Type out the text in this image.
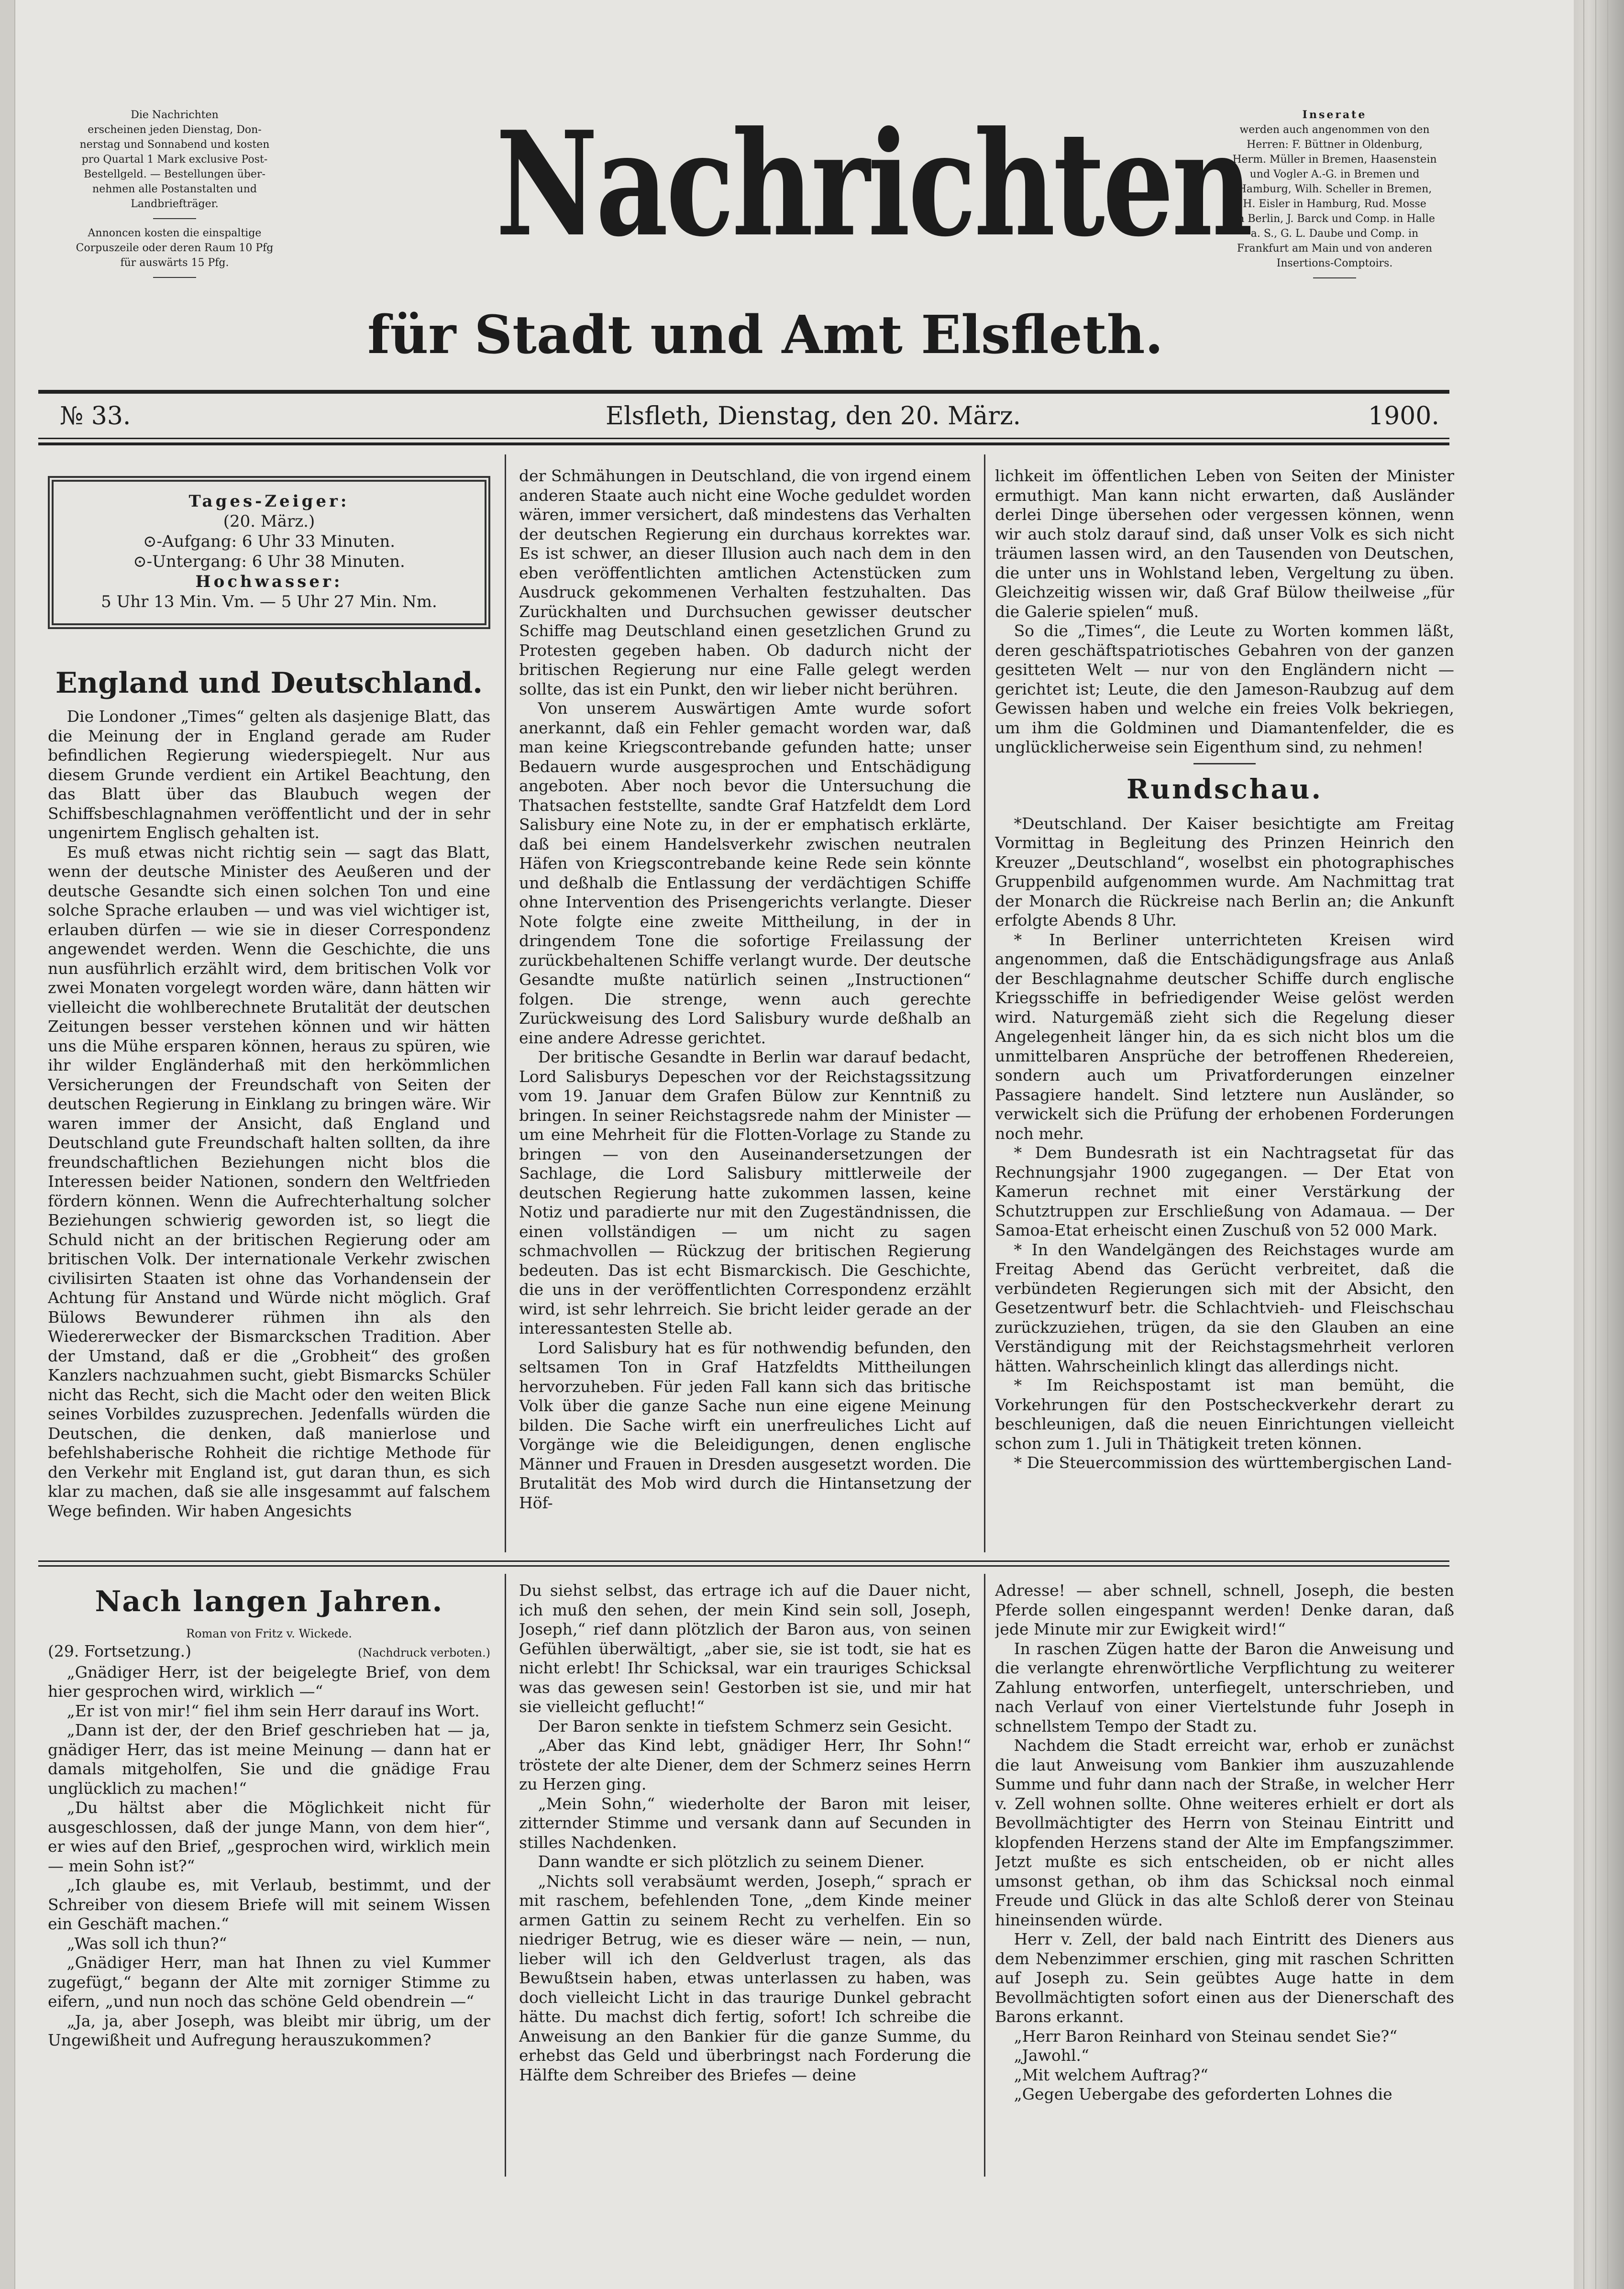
Die Nachrichten
erscheinen jeden Dienstag, Don-
nerstag und Sonnabend und kosten
pro Quartal 1 Mark exclusive Post-
Bestellgeld. — Bestellungen über-
nehmen alle Postanstalten und
Landbriefträger.
Annoncen kosten die einspaltige
Corpuszeile oder deren Raum 10 Pfg
für auswärts 15 Pfg.	Nachrichten
für Stadt und Amt Elsfleth.
Inserate
werden auch angenommen von den
Herren: F. Büttner in Oldenburg,
Herm. Müller in Bremen, Haasenstein
und Vogler A.-G. in Bremen und
Hamburg, Wilh. Scheller in Bremen,
H. Eisler in Hamburg, Rud. Mosse
in Berlin, J. Barck und Comp. in Halle
a. S., G. L. Daube und Comp. in
Frankfurt am Main und von anderen
Insertions-Comptoirs.
№ 33.	Elsfleth, Dienstag, den 20. März.	1900.
Tages-Zeiger:
(20. März.)
⊙-Aufgang: 6 Uhr 33 Minuten.
⊙-Untergang: 6 Uhr 38 Minuten.
Hochwasser:
5 Uhr 13 Min. Vm. — 5 Uhr 27 Min. Nm.
England und Deutschland.

Die Londoner „Times“ gelten als dasjenige Blatt, das die Meinung der in England gerade am Ruder befindlichen Regierung wiederspiegelt. Nur aus diesem Grunde verdient ein Artikel Beachtung, den das Blatt über das Blaubuch wegen der Schiffsbeschlagnahmen veröffentlicht und der in sehr ungenirtem Englisch gehalten ist.

Es muß etwas nicht richtig sein — sagt das Blatt, wenn der deutsche Minister des Aeußeren und der deutsche Gesandte sich einen solchen Ton und eine solche Sprache erlauben — und was viel wichtiger ist, erlauben dürfen — wie sie in dieser Correspondenz angewendet werden. Wenn die Geschichte, die uns nun ausführlich erzählt wird, dem britischen Volk vor zwei Monaten vorgelegt worden wäre, dann hätten wir vielleicht die wohlberechnete Brutalität der deutschen Zeitungen besser verstehen können und wir hätten uns die Mühe ersparen können, heraus zu spüren, wie ihr wilder Engländerhaß mit den herkömmlichen Versicherungen der Freundschaft von Seiten der deutschen Regierung in Einklang zu bringen wäre. Wir waren immer der Ansicht, daß England und Deutschland gute Freundschaft halten sollten, da ihre freundschaftlichen Beziehungen nicht blos die Interessen beider Nationen, sondern den Weltfrieden fördern können. Wenn die Aufrechterhaltung solcher Beziehungen schwierig geworden ist, so liegt die Schuld nicht an der britischen Regierung oder am britischen Volk. Der internationale Verkehr zwischen civilisirten Staaten ist ohne das Vorhandensein der Achtung für Anstand und Würde nicht möglich. Graf Bülows Bewunderer rühmen ihn als den Wiedererwecker der Bismarckschen Tradition. Aber der Umstand, daß er die „Grobheit“ des großen Kanzlers nachzuahmen sucht, giebt Bismarcks Schüler nicht das Recht, sich die Macht oder den weiten Blick seines Vorbildes zuzusprechen. Jedenfalls würden die Deutschen, die denken, daß manierlose und befehlshaberische Rohheit die richtige Methode für den Verkehr mit England ist, gut daran thun, es sich klar zu machen, daß sie alle insgesammt auf falschem Wege befinden. Wir haben Angesichts

der Schmähungen in Deutschland, die von irgend einem anderen Staate auch nicht eine Woche geduldet worden wären, immer versichert, daß mindestens das Verhalten der deutschen Regierung ein durchaus korrektes war. Es ist schwer, an dieser Illusion auch nach dem in den eben veröffentlichten amtlichen Actenstücken zum Ausdruck gekommenen Verhalten festzuhalten. Das Zurückhalten und Durchsuchen gewisser deutscher Schiffe mag Deutschland einen gesetzlichen Grund zu Protesten gegeben haben. Ob dadurch nicht der britischen Regierung nur eine Falle gelegt werden sollte, das ist ein Punkt, den wir lieber nicht berühren.

Von unserem Auswärtigen Amte wurde sofort anerkannt, daß ein Fehler gemacht worden war, daß man keine Kriegscontrebande gefunden hatte; unser Bedauern wurde ausgesprochen und Entschädigung angeboten. Aber noch bevor die Untersuchung die Thatsachen feststellte, sandte Graf Hatzfeldt dem Lord Salisbury eine Note zu, in der er emphatisch erklärte, daß bei einem Handelsverkehr zwischen neutralen Häfen von Kriegscontrebande keine Rede sein könnte und deßhalb die Entlassung der verdächtigen Schiffe ohne Intervention des Prisengerichts verlangte. Dieser Note folgte eine zweite Mittheilung, in der in dringendem Tone die sofortige Freilassung der zurückbehaltenen Schiffe verlangt wurde. Der deutsche Gesandte mußte natürlich seinen „Instructionen“ folgen. Die strenge, wenn auch gerechte Zurückweisung des Lord Salisbury wurde deßhalb an eine andere Adresse gerichtet.

Der britische Gesandte in Berlin war darauf bedacht, Lord Salisburys Depeschen vor der Reichstagssitzung vom 19. Januar dem Grafen Bülow zur Kenntniß zu bringen. In seiner Reichstagsrede nahm der Minister — um eine Mehrheit für die Flotten-Vorlage zu Stande zu bringen — von den Auseinandersetzungen der Sachlage, die Lord Salisbury mittlerweile der deutschen Regierung hatte zukommen lassen, keine Notiz und paradierte nur mit den Zugeständnissen, die einen vollständigen — um nicht zu sagen schmachvollen — Rückzug der britischen Regierung bedeuten. Das ist echt Bismarckisch. Die Geschichte, die uns in der veröffentlichten Correspondenz erzählt wird, ist sehr lehrreich. Sie bricht leider gerade an der interessantesten Stelle ab.

Lord Salisbury hat es für nothwendig befunden, den seltsamen Ton in Graf Hatzfeldts Mittheilungen hervorzuheben. Für jeden Fall kann sich das britische Volk über die ganze Sache nun eine eigene Meinung bilden. Die Sache wirft ein unerfreuliches Licht auf Vorgänge wie die Beleidigungen, denen englische Männer und Frauen in Dresden ausgesetzt worden. Die Brutalität des Mob wird durch die Hintansetzung der Höf-

lichkeit im öffentlichen Leben von Seiten der Minister ermuthigt. Man kann nicht erwarten, daß Ausländer derlei Dinge übersehen oder vergessen können, wenn wir auch stolz darauf sind, daß unser Volk es sich nicht träumen lassen wird, an den Tausenden von Deutschen, die unter uns in Wohlstand leben, Vergeltung zu üben. Gleichzeitig wissen wir, daß Graf Bülow theilweise „für die Galerie spielen“ muß.

So die „Times“, die Leute zu Worten kommen läßt, deren geschäftspatriotisches Gebahren von der ganzen gesitteten Welt — nur von den Engländern nicht — gerichtet ist; Leute, die den Jameson-Raubzug auf dem Gewissen haben und welche ein freies Volk bekriegen, um ihm die Goldminen und Diamantenfelder, die es unglücklicherweise sein Eigenthum sind, zu nehmen!

Rundschau.

*Deutschland. Der Kaiser besichtigte am Freitag Vormittag in Begleitung des Prinzen Heinrich den Kreuzer „Deutschland“, woselbst ein photographisches Gruppenbild aufgenommen wurde. Am Nachmittag trat der Monarch die Rückreise nach Berlin an; die Ankunft erfolgte Abends 8 Uhr.

* In Berliner unterrichteten Kreisen wird angenommen, daß die Entschädigungsfrage aus Anlaß der Beschlagnahme deutscher Schiffe durch englische Kriegsschiffe in befriedigender Weise gelöst werden wird. Naturgemäß zieht sich die Regelung dieser Angelegenheit länger hin, da es sich nicht blos um die unmittelbaren Ansprüche der betroffenen Rhedereien, sondern auch um Privatforderungen einzelner Passagiere handelt. Sind letztere nun Ausländer, so verwickelt sich die Prüfung der erhobenen Forderungen noch mehr.

* Dem Bundesrath ist ein Nachtragsetat für das Rechnungsjahr 1900 zugegangen. — Der Etat von Kamerun rechnet mit einer Verstärkung der Schutztruppen zur Erschließung von Adamaua. — Der Samoa-Etat erheischt einen Zuschuß von 52 000 Mark.

* In den Wandelgängen des Reichstages wurde am Freitag Abend das Gerücht verbreitet, daß die verbündeten Regierungen sich mit der Absicht, den Gesetzentwurf betr. die Schlachtvieh- und Fleischschau zurückzuziehen, trügen, da sie den Glauben an eine Verständigung mit der Reichstagsmehrheit verloren hätten. Wahrscheinlich klingt das allerdings nicht.

* Im Reichspostamt ist man bemüht, die Vorkehrungen für den Postscheckverkehr derart zu beschleunigen, daß die neuen Einrichtungen vielleicht schon zum 1. Juli in Thätigkeit treten können.

* Die Steuercommission des württembergischen Land-

Nach langen Jahren.
Roman von Fritz v. Wickede.
(29. Fortsetzung.)	(Nachdruck verboten.)

„Gnädiger Herr, ist der beigelegte Brief, von dem hier gesprochen wird, wirklich —“

„Er ist von mir!“ fiel ihm sein Herr darauf ins Wort.

„Dann ist der, der den Brief geschrieben hat — ja, gnädiger Herr, das ist meine Meinung — dann hat er damals mitgeholfen, Sie und die gnädige Frau unglücklich zu machen!“

„Du hältst aber die Möglichkeit nicht für ausgeschlossen, daß der junge Mann, von dem hier“, er wies auf den Brief, „gesprochen wird, wirklich mein — mein Sohn ist?“

„Ich glaube es, mit Verlaub, bestimmt, und der Schreiber von diesem Briefe will mit seinem Wissen ein Geschäft machen.“

„Was soll ich thun?“

„Gnädiger Herr, man hat Ihnen zu viel Kummer zugefügt,“ begann der Alte mit zorniger Stimme zu eifern, „und nun noch das schöne Geld obendrein —“

„Ja, ja, aber Joseph, was bleibt mir übrig, um der Ungewißheit und Aufregung herauszukommen?

Du siehst selbst, das ertrage ich auf die Dauer nicht, ich muß den sehen, der mein Kind sein soll, Joseph, Joseph,“ rief dann plötzlich der Baron aus, von seinen Gefühlen überwältigt, „aber sie, sie ist todt, sie hat es nicht erlebt! Ihr Schicksal, war ein trauriges Schicksal was das gewesen sein! Gestorben ist sie, und mir hat sie vielleicht geflucht!“

Der Baron senkte in tiefstem Schmerz sein Gesicht.

„Aber das Kind lebt, gnädiger Herr, Ihr Sohn!“ tröstete der alte Diener, dem der Schmerz seines Herrn zu Herzen ging.

„Mein Sohn,“ wiederholte der Baron mit leiser, zitternder Stimme und versank dann auf Secunden in stilles Nachdenken.

Dann wandte er sich plötzlich zu seinem Diener.

„Nichts soll verabsäumt werden, Joseph,“ sprach er mit raschem, befehlenden Tone, „dem Kinde meiner armen Gattin zu seinem Recht zu verhelfen. Ein so niedriger Betrug, wie es dieser wäre — nein, — nun, lieber will ich den Geldverlust tragen, als das Bewußtsein haben, etwas unterlassen zu haben, was doch vielleicht Licht in das traurige Dunkel gebracht hätte. Du machst dich fertig, sofort! Ich schreibe die Anweisung an den Bankier für die ganze Summe, du erhebst das Geld und überbringst nach Forderung die Hälfte dem Schreiber des Briefes — deine

Adresse! — aber schnell, schnell, Joseph, die besten Pferde sollen eingespannt werden! Denke daran, daß jede Minute mir zur Ewigkeit wird!“

In raschen Zügen hatte der Baron die Anweisung und die verlangte ehrenwörtliche Verpflichtung zu weiterer Zahlung entworfen, unterfiegelt, unterschrieben, und nach Verlauf von einer Viertelstunde fuhr Joseph in schnellstem Tempo der Stadt zu.

Nachdem die Stadt erreicht war, erhob er zunächst die laut Anweisung vom Bankier ihm auszuzahlende Summe und fuhr dann nach der Straße, in welcher Herr v. Zell wohnen sollte. Ohne weiteres erhielt er dort als Bevollmächtigter des Herrn von Steinau Eintritt und klopfenden Herzens stand der Alte im Empfangszimmer. Jetzt mußte es sich entscheiden, ob er nicht alles umsonst gethan, ob ihm das Schicksal noch einmal Freude und Glück in das alte Schloß derer von Steinau hineinsenden würde.

Herr v. Zell, der bald nach Eintritt des Dieners aus dem Nebenzimmer erschien, ging mit raschen Schritten auf Joseph zu. Sein geübtes Auge hatte in dem Bevollmächtigten sofort einen aus der Dienerschaft des Barons erkannt.

„Herr Baron Reinhard von Steinau sendet Sie?“

„Jawohl.“

„Mit welchem Auftrag?“

„Gegen Uebergabe des geforderten Lohnes die
